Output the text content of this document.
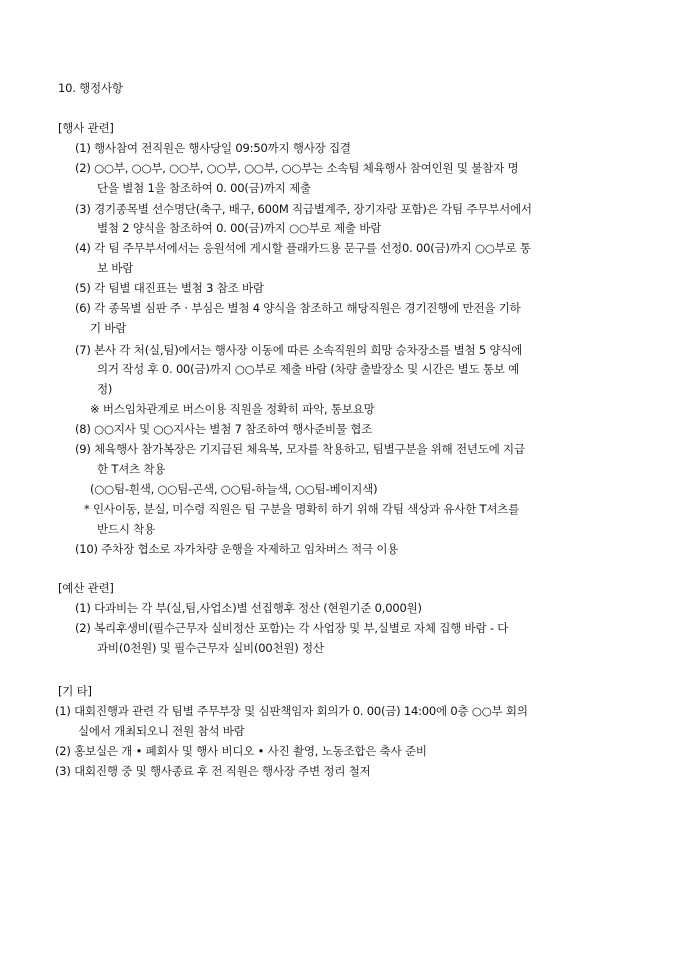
10. 행정사항
[행사 관련]
(1) 행사참여 전직원은 행사당일 09:50까지 행사장 집결
(2) ○○부, ○○부, ○○부, ○○부, ○○부, ○○부는 소속팀 체육행사 참여인원 및 불참자 명
단을 별첨 1을 참조하여 0. 00(금)까지 제출
(3) 경기종목별 선수명단(축구, 배구, 600M 직급별계주, 장기자랑 포함)은 각팀 주무부서에서
별첨 2 양식을 참조하여 0. 00(금)까지 ○○부로 제출 바람
(4) 각 팀 주무부서에서는 응원석에 게시할 플래카드용 문구를 선정0. 00(금)까지 ○○부로 통
보 바람
(5) 각 팀별 대진표는 별첨 3 참조 바람
(6) 각 종목별 심판 주 · 부심은 별첨 4 양식을 참조하고 해당직원은 경기진행에 만전을 기하
기 바람
(7) 본사 각 처(실,팀)에서는 행사장 이동에 따른 소속직원의 희망 승차장소를 별첨 5 양식에
의거 작성 후 0. 00(금)까지 ○○부로 제출 바람 (차량 출발장소 및 시간은 별도 통보 예
정)
※ 버스임차관계로 버스이용 직원을 정확히 파악, 통보요망
(8) ○○지사 및 ○○지사는 별첨 7 참조하여 행사준비물 협조
(9) 체육행사 참가복장은 기지급된 체육복, 모자를 착용하고, 팀별구분을 위해 전년도에 지급
한 T셔츠 착용
(○○팀-흰색, ○○팀-곤색, ○○팀-하늘색, ○○팀-베이지색)
* 인사이동, 분실, 미수령 직원은 팀 구분을 명확히 하기 위해 각팀 색상과 유사한 T셔츠를
반드시 착용
(10) 주차장 협소로 자가차량 운행을 자제하고 임차버스 적극 이용
[예산 관련]
(1) 다과비는 각 부(실,팀,사업소)별 선집행후 정산 (현원기준 0,000원)
(2) 복리후생비(필수근무자 실비정산 포함)는 각 사업장 및 부,실별로 자체 집행 바람 - 다
과비(0천원) 및 필수근무자 실비(00천원) 정산
[기 타]
(1) 대회진행과 관련 각 팀별 주무부장 및 심판책임자 회의가 0. 00(금) 14:00에 0층 ○○부 회의
실에서 개최되오니 전원 참석 바람
(2) 홍보실은 개 • 폐회사 및 행사 비디오 • 사진 촬영, 노동조합은 축사 준비
(3) 대회진행 중 및 행사종료 후 전 직원은 행사장 주변 정리 철저
